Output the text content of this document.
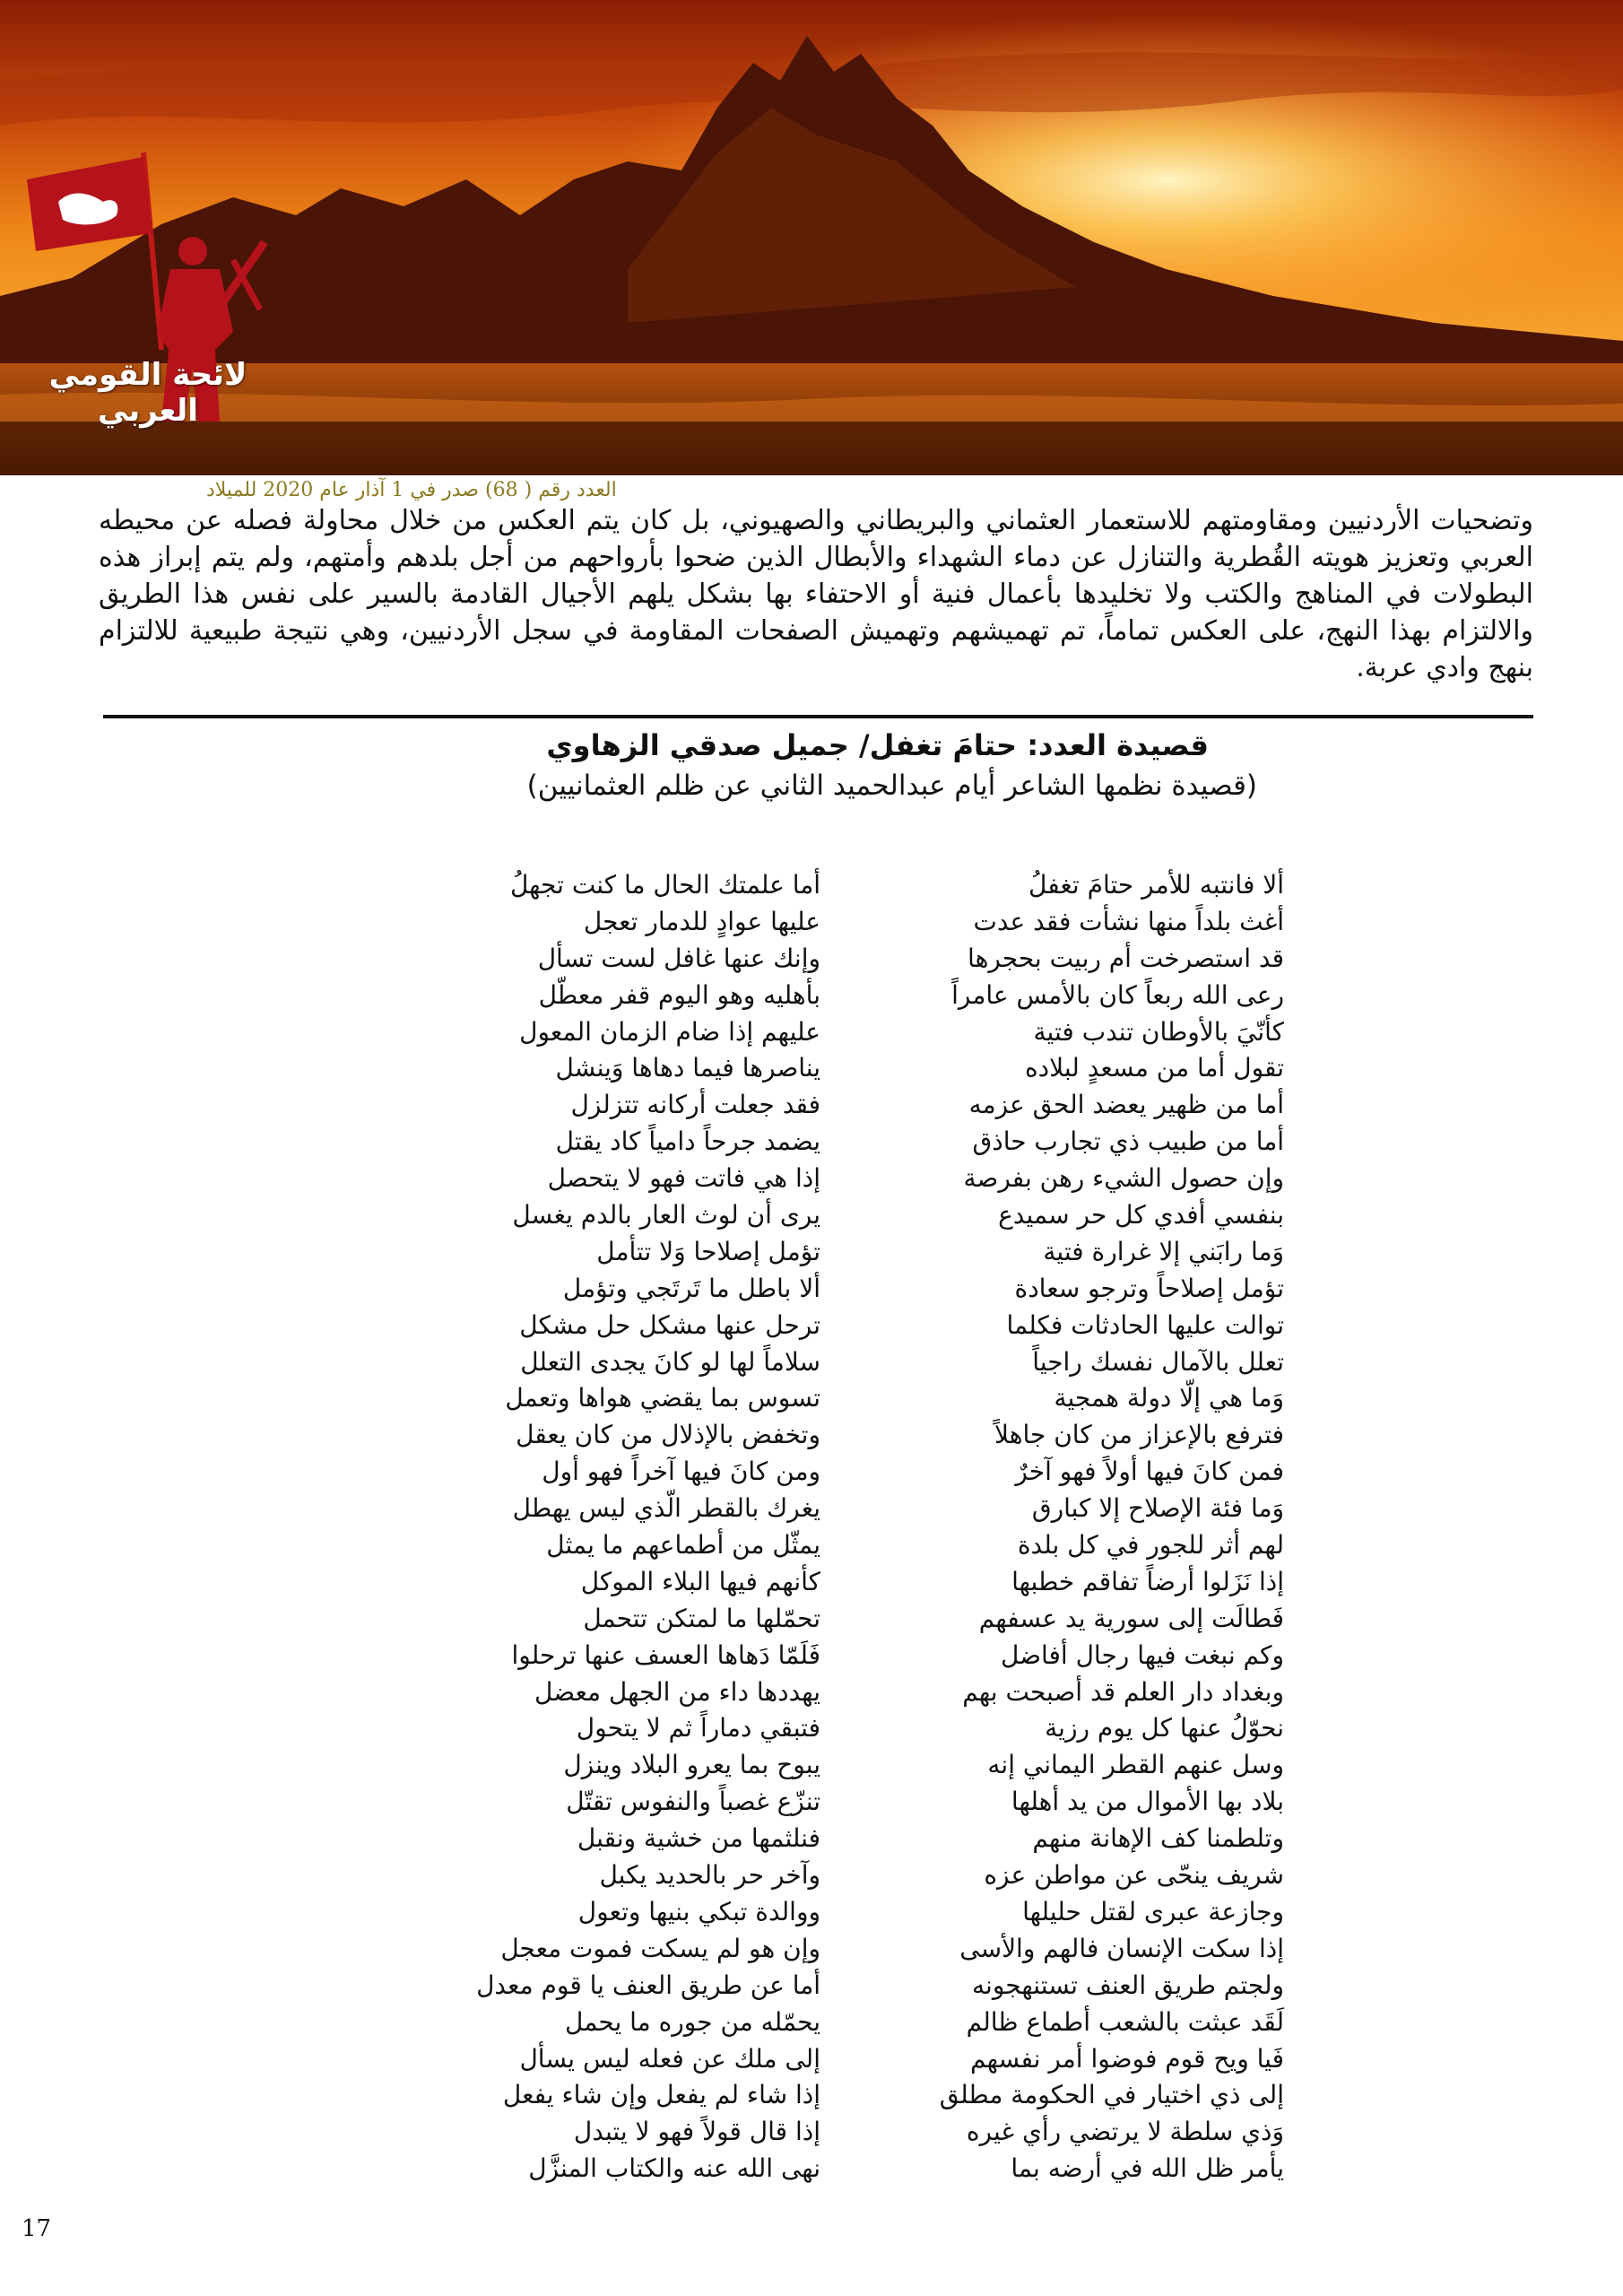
لائحة القومي العربي
العدد رقم ( 68) صدر في 1 آذار عام 2020 للميلاد

وتضحيات الأردنيين ومقاومتهم للاستعمار العثماني والبريطاني والصهيوني، بل كان يتم العكس من خلال محاولة فصله عن محيطه العربي وتعزيز هويته القُطرية والتنازل عن دماء الشهداء والأبطال الذين ضحوا بأرواحهم من أجل بلدهم وأمتهم، ولم يتم إبراز هذه البطولات في المناهج والكتب ولا تخليدها بأعمال فنية أو الاحتفاء بها بشكل يلهم الأجيال القادمة بالسير على نفس هذا الطريق والالتزام بهذا النهج، على العكس تماماً، تم تهميشهم وتهميش الصفحات المقاومة في سجل الأردنيين، وهي نتيجة طبيعية للالتزام بنهج وادي عربة.

قصيدة العدد: حتامَ تغفل/ جميل صدقي الزهاوي
(قصيدة نظمها الشاعر أيام عبدالحميد الثاني عن ظلم العثمانيين)
ألا فانتبه للأمر حتامَ تغفلُ
أغث بلداً منها نشأت فقد عدت
قد استصرخت أم ربيت بحجرها
رعى الله ربعاً كان بالأمس عامراً
كأنّيَ بالأوطان تندب فتية
تقول أما من مسعدٍ لبلاده
أما من ظهير يعضد الحق عزمه
أما من طبيب ذي تجارب حاذق
وإن حصول الشيء رهن بفرصة
بنفسي أفدي كل حر سميدع
وَما رابَني إلا غرارة فتية
تؤمل إصلاحاً وترجو سعادة
توالت عليها الحادثات فكلما
تعلل بالآمال نفسك راجياً
وَما هي إلّا دولة همجية
فترفع بالإعزاز من كان جاهلاً
فمن كانَ فيها أولاً فهو آخرٌ
وَما فئة الإصلاح إلا كبارق
لهم أثر للجور في كل بلدة
إذا نَزَلوا أرضاً تفاقم خطبها
فَطالَت إلى سورية يد عسفهم
وكم نبغت فيها رجال أفاضل
وبغداد دار العلم قد أصبحت بهم
نحوّلُ عنها كل يوم رزية
وسل عنهم القطر اليماني إنه
بلاد بها الأموال من يد أهلها
وتلطمنا كف الإهانة منهم
شريف ينحّى عن مواطن عزه
وجازعة عبرى لقتل حليلها
إذا سكت الإنسان فالهم والأسى
ولجتم طريق العنف تستنهجونه
لَقَد عبثت بالشعب أطماع ظالم
فَيا ويح قوم فوضوا أمر نفسهم
إلى ذي اختيار في الحكومة مطلق
وَذي سلطة لا يرتضي رأي غيره
يأمر ظل الله في أرضه بما
أما علمتك الحال ما كنت تجهلُ
عليها عوادٍ للدمار تعجل
وإنك عنها غافل لست تسأل
بأهليه وهو اليوم قفر معطّل
عليهم إذا ضام الزمان المعول
يناصرها فيما دهاها وَينشل
فقد جعلت أركانه تتزلزل
يضمد جرحاً دامياً كاد يقتل
إذا هي فاتت فهو لا يتحصل
يرى أن لوث العار بالدم يغسل
تؤمل إصلاحا وَلا تتأمل
ألا باطل ما تَرتَجي وتؤمل
ترحل عنها مشكل حل مشكل
سلاماً لها لو كانَ يجدى التعلل
تسوس بما يقضي هواها وتعمل
وتخفض بالإذلال من كان يعقل
ومن كانَ فيها آخراً فهو أول
يغرك بالقطر الّذي ليس يهطل
يمثّل من أطماعهم ما يمثل
كأنهم فيها البلاء الموكل
تحمّلها ما لمتكن تتحمل
فَلَمّا دَهاها العسف عنها ترحلوا
يهددها داء من الجهل معضل
فتبقي دماراً ثم لا يتحول
يبوح بما يعرو البلاد وينزل
تنزّع غصباً والنفوس تقتّل
فنلثمها من خشية ونقبل
وآخر حر بالحديد يكبل
ووالدة تبكي بنيها وتعول
وإن هو لم يسكت فموت معجل
أما عن طريق العنف يا قوم معدل
يحمّله من جوره ما يحمل
إلى ملك عن فعله ليس يسأل
إذا شاء لم يفعل وإن شاء يفعل
إذا قال قولاً فهو لا يتبدل
نهى الله عنه والكتاب المنزَّل
17
